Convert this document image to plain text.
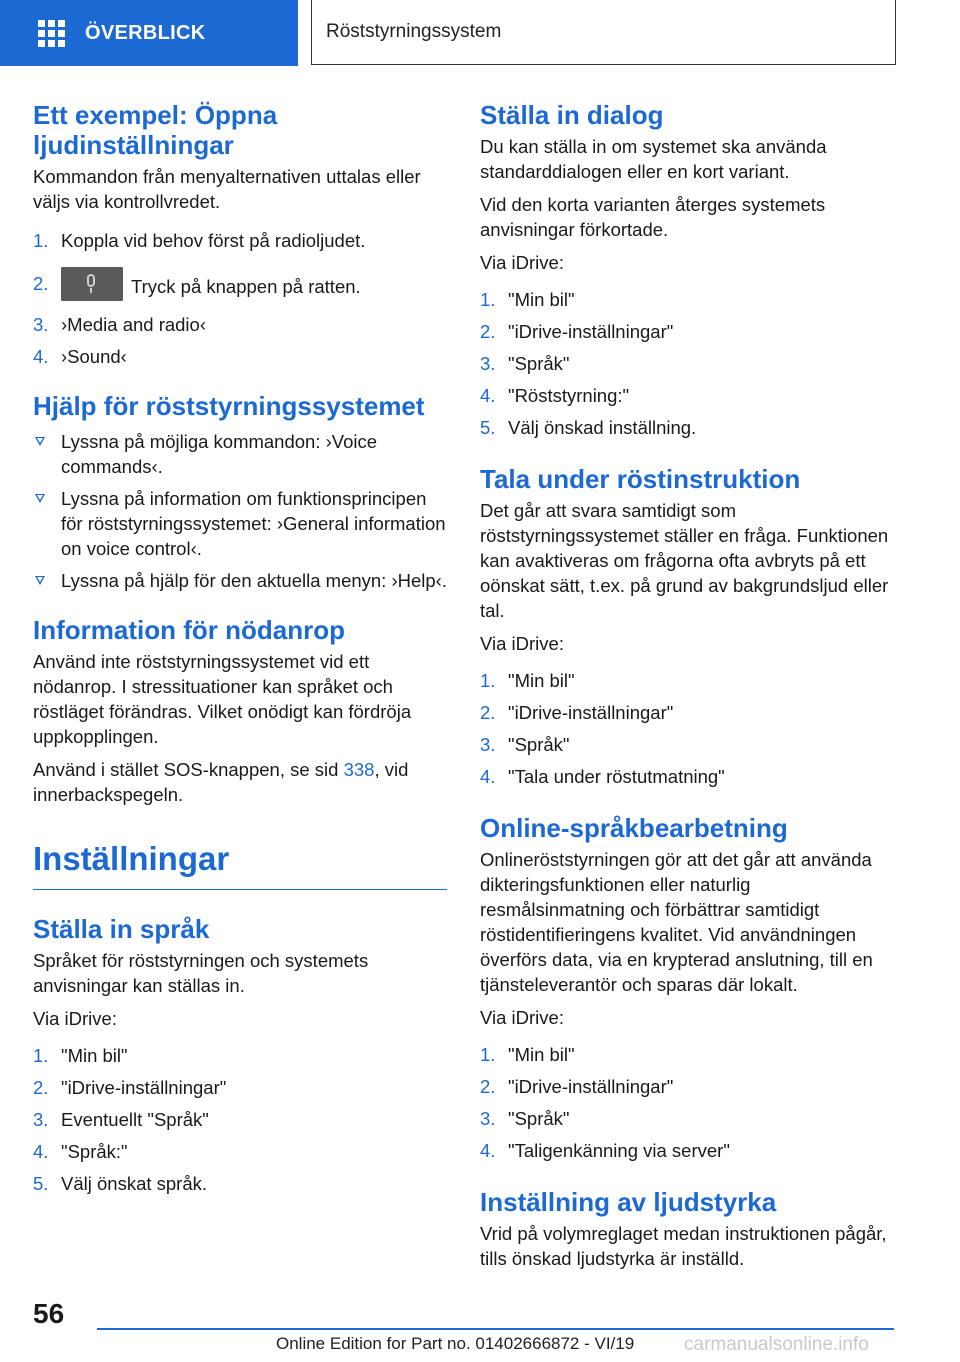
ÖVERBLICK	Röststyrningssystem
Ett exempel: Öppna ljudinställningar

Kommandon från menyalternativen uttalas eller väljs via kontrollvredet.

1. Koppla vid behov först på radioljudet.
2.	Tryck på knappen på ratten.
3. ›Media and radio‹
4. ›Sound‹
Hjälp för röststyrningssystemet
Lyssna på möjliga kommandon: ›Voice commands‹.
Lyssna på information om funktionsprincipen för röststyrningssystemet: ›General information on voice control‹.
Lyssna på hjälp för den aktuella menyn: ›Help‹.
Information för nödanrop

Använd inte röststyrningssystemet vid ett nödanrop. I stressituationer kan språket och röstläget förändras. Vilket onödigt kan fördröja uppkopplingen.

Använd i stället SOS-knappen, se sid 338, vid innerbackspegeln.

Inställningar
Ställa in språk

Språket för röststyrningen och systemets anvisningar kan ställas in.

Via iDrive:

1. "Min bil"
2. "iDrive-inställningar"
3. Eventuellt "Språk"
4. "Språk:"
5. Välj önskat språk.
Ställa in dialog

Du kan ställa in om systemet ska använda standarddialogen eller en kort variant.

Vid den korta varianten återges systemets anvisningar förkortade.

Via iDrive:

1. "Min bil"
2. "iDrive-inställningar"
3. "Språk"
4. "Röststyrning:"
5. Välj önskad inställning.
Tala under röstinstruktion

Det går att svara samtidigt som röststyrningssystemet ställer en fråga. Funktionen kan avaktiveras om frågorna ofta avbryts på ett oönskat sätt, t.ex. på grund av bakgrundsljud eller tal.

Via iDrive:

1. "Min bil"
2. "iDrive-inställningar"
3. "Språk"
4. "Tala under röstutmatning"
Online-språkbearbetning

Onlineröststyrningen gör att det går att använda dikteringsfunktionen eller naturlig resmålsinmatning och förbättrar samtidigt röstidentifieringens kvalitet. Vid användningen överförs data, via en krypterad anslutning, till en tjänsteleverantör och sparas där lokalt.

Via iDrive:

1. "Min bil"
2. "iDrive-inställningar"
3. "Språk"
4. "Taligenkänning via server"
Inställning av ljudstyrka

Vrid på volymreglaget medan instruktionen pågår, tills önskad ljudstyrka är inställd.

56
Online Edition for Part no. 01402666872 - VI/19	carmanualsonline.info
